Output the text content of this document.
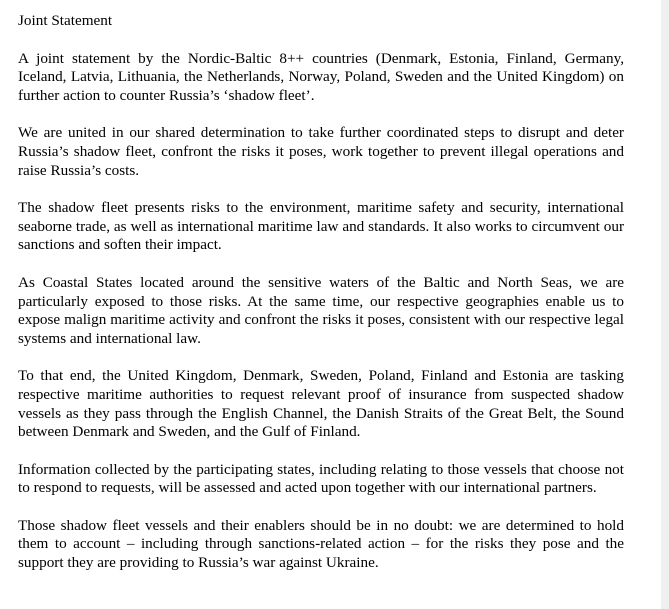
Joint Statement

A joint statement by the Nordic-Baltic 8++ countries (Denmark, Estonia, Finland, Germany, Iceland, Latvia, Lithuania, the Netherlands, Norway, Poland, Sweden and the United Kingdom) on further action to counter Russia’s ‘shadow fleet’.

We are united in our shared determination to take further coordinated steps to disrupt and deter Russia’s shadow fleet, confront the risks it poses, work together to prevent illegal operations and raise Russia’s costs.

The shadow fleet presents risks to the environment, maritime safety and security, international seaborne trade, as well as international maritime law and standards. It also works to circumvent our sanctions and soften their impact.

As Coastal States located around the sensitive waters of the Baltic and North Seas, we are particularly exposed to those risks. At the same time, our respective geographies enable us to expose malign maritime activity and confront the risks it poses, consistent with our respective legal systems and international law.

To that end, the United Kingdom, Denmark, Sweden, Poland, Finland and Estonia are tasking respective maritime authorities to request relevant proof of insurance from suspected shadow vessels as they pass through the English Channel, the Danish Straits of the Great Belt, the Sound between Denmark and Sweden, and the Gulf of Finland.

Information collected by the participating states, including relating to those vessels that choose not to respond to requests, will be assessed and acted upon together with our international partners.

Those shadow fleet vessels and their enablers should be in no doubt: we are determined to hold them to account – including through sanctions-related action – for the risks they pose and the support they are providing to Russia’s war against Ukraine.
